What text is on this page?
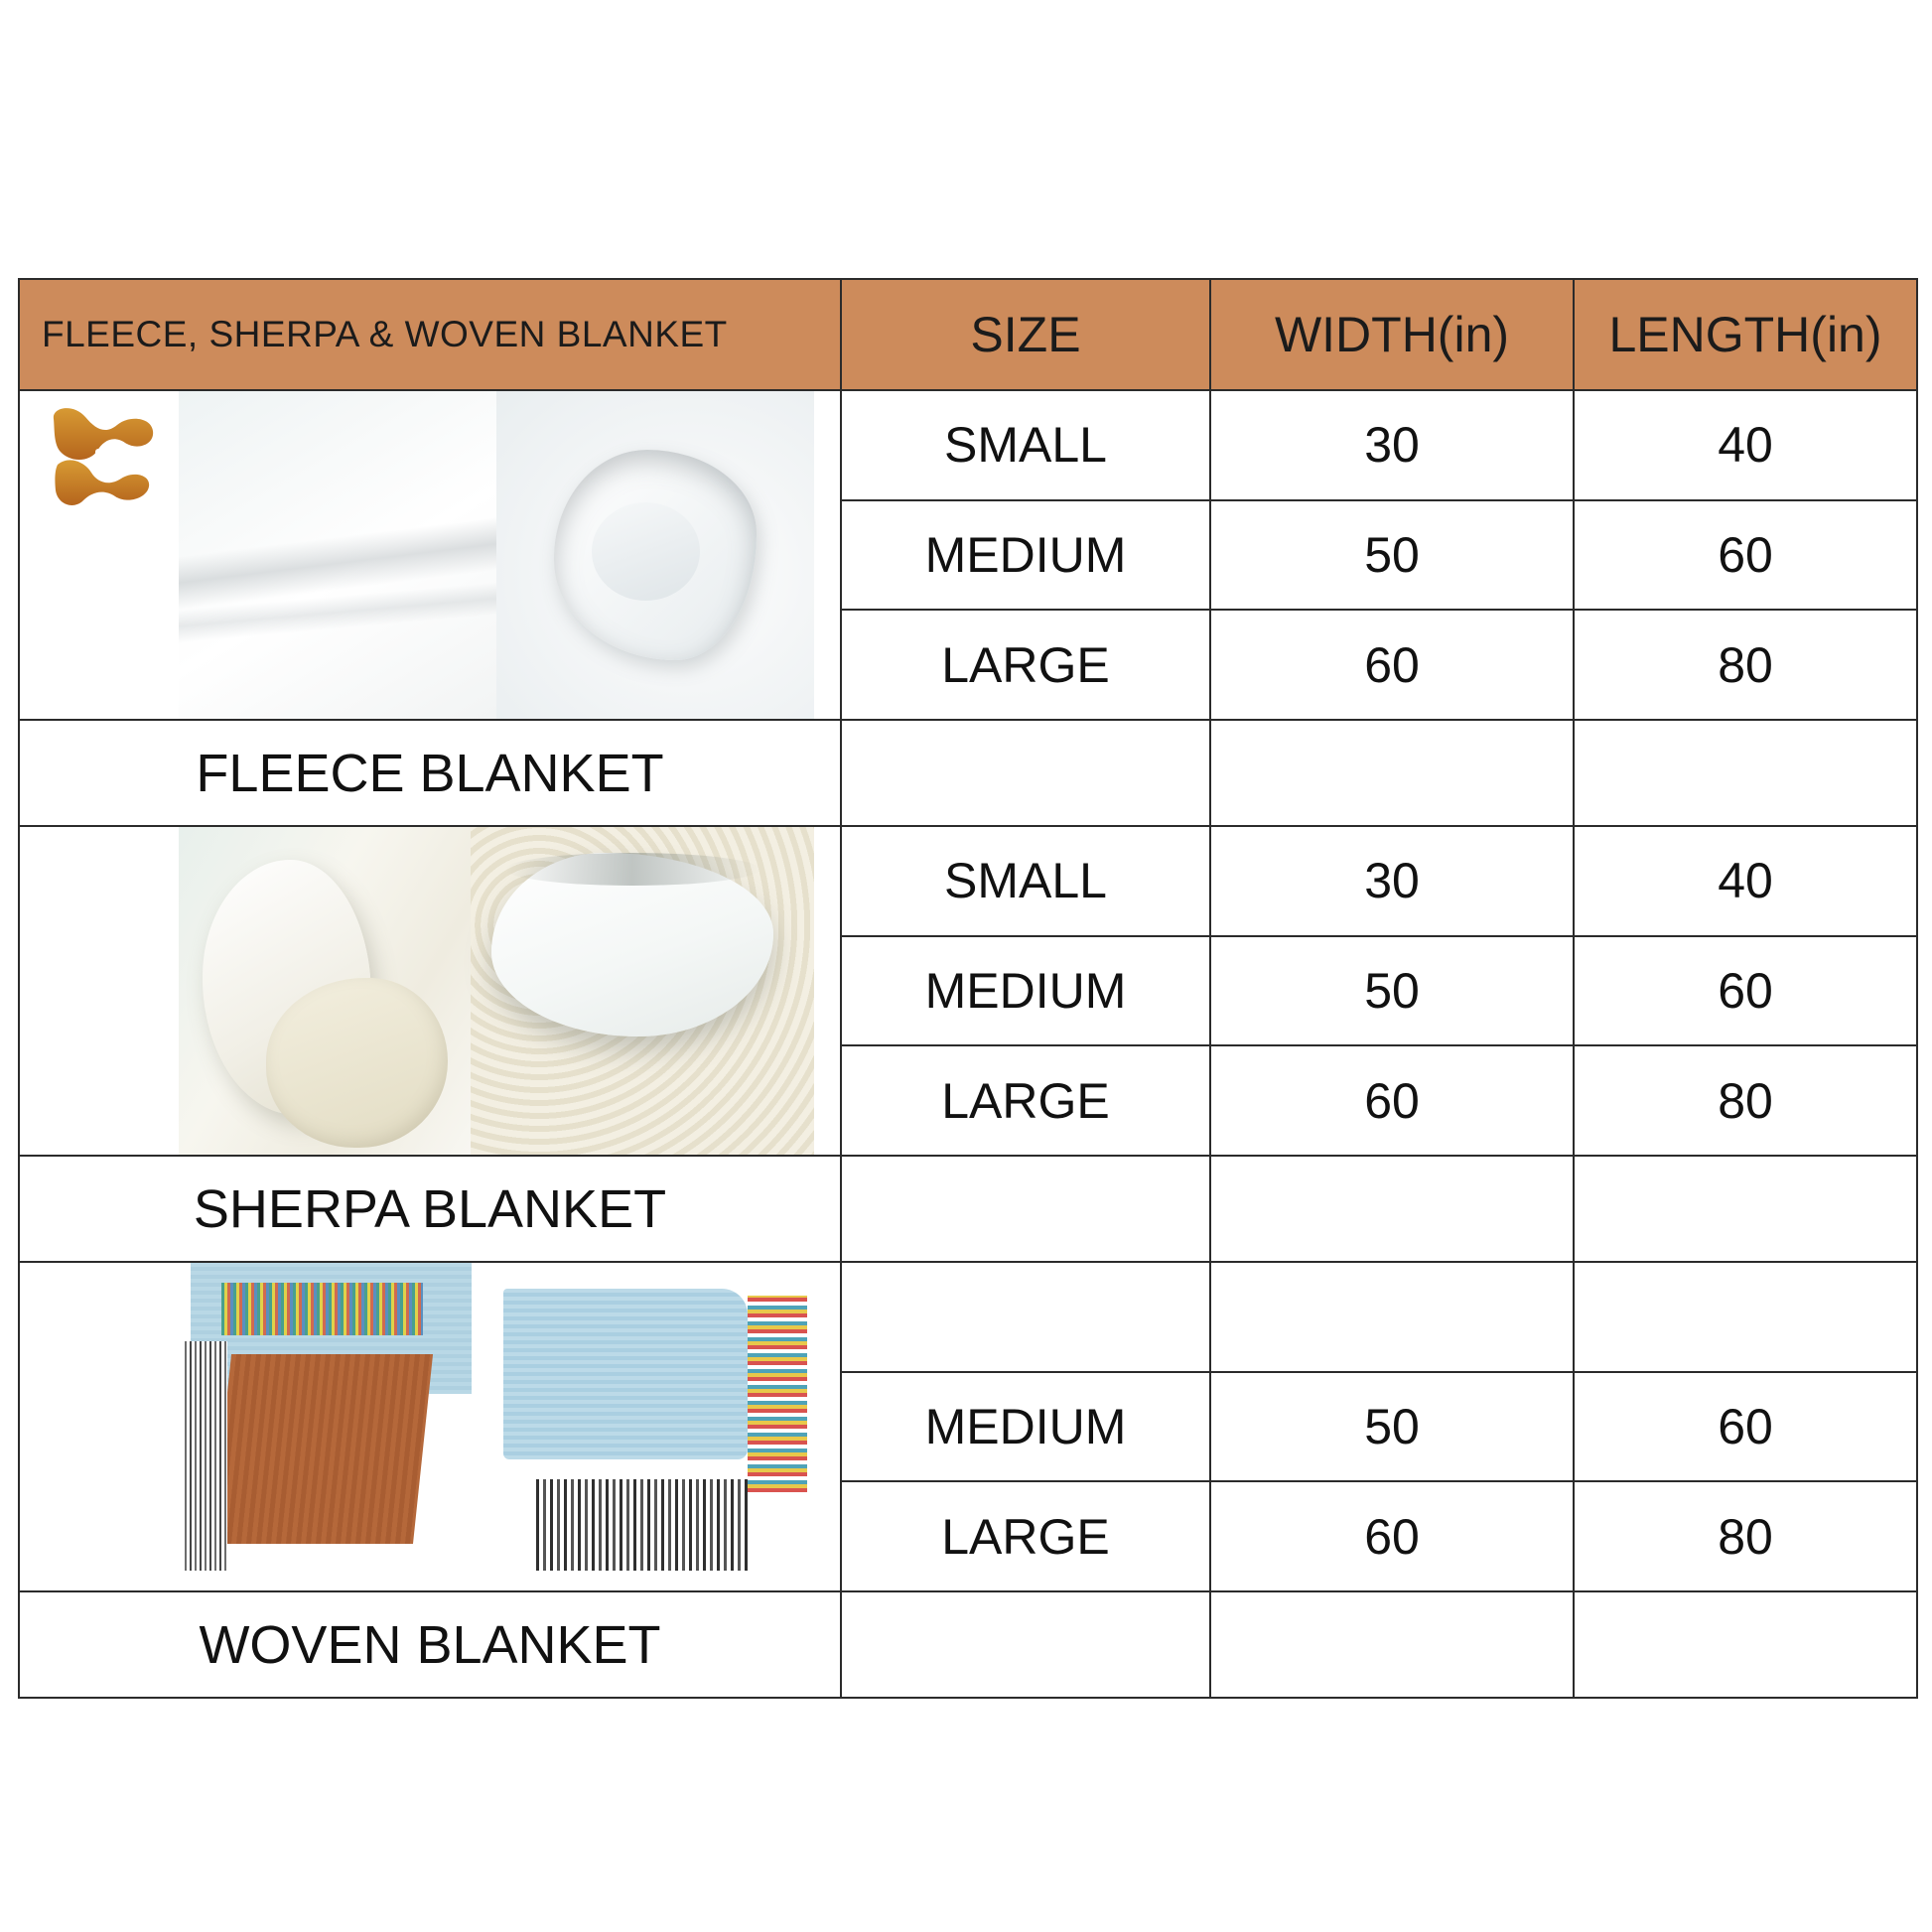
FLEECE, SHERPA & WOVEN BLANKET	SIZE	WIDTH(in)	LENGTH(in)

	SMALL	30	40
	MEDIUM	50	60
	LARGE	60	80
FLEECE BLANKET			

	SMALL	30	40
	MEDIUM	50	60
	LARGE	60	80
SHERPA BLANKET			

	MEDIUM	50	60
	LARGE	60	80
WOVEN BLANKET			
